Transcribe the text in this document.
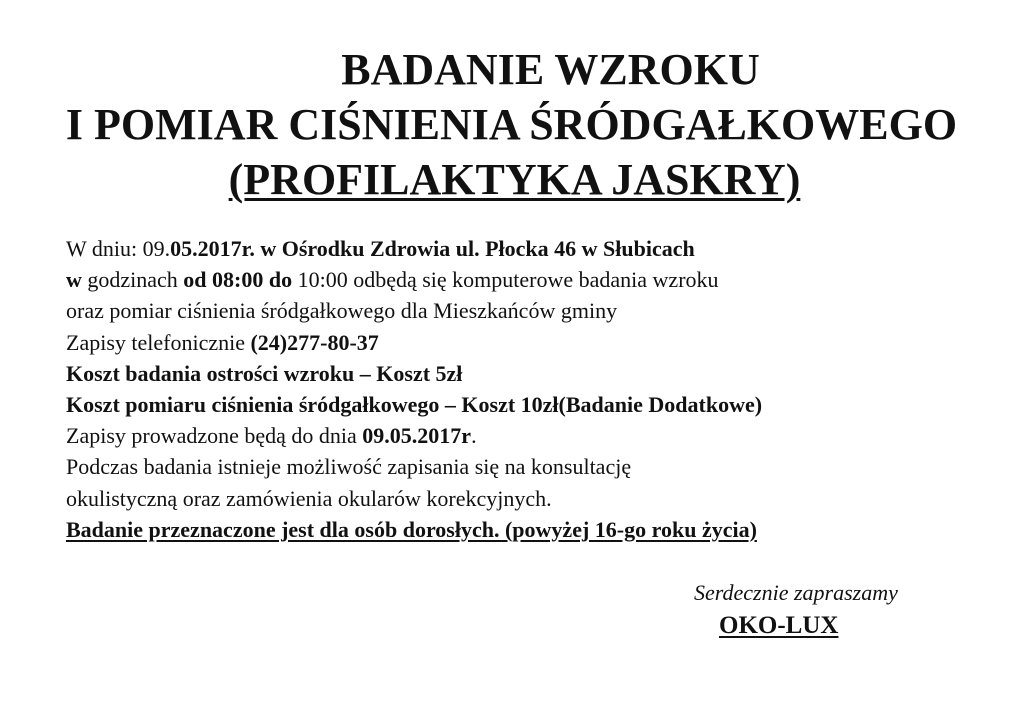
BADANIE WZROKU
I POMIAR CIŚNIENIA ŚRÓDGAŁKOWEGO
(PROFILAKTYKA JASKRY)
W dniu: 09.05.2017r. w Ośrodku Zdrowia ul. Płocka 46 w Słubicach
w godzinach od 08:00 do 10:00 odbędą się komputerowe badania wzroku
oraz pomiar ciśnienia śródgałkowego dla Mieszkańców gminy
Zapisy telefonicznie (24)277-80-37
Koszt badania ostrości wzroku – Koszt 5zł
Koszt pomiaru ciśnienia śródgałkowego – Koszt 10zł(Badanie Dodatkowe)
Zapisy prowadzone będą do dnia 09.05.2017r.
Podczas badania istnieje możliwość zapisania się na konsultację
okulistyczną oraz zamówienia okularów korekcyjnych.
Badanie przeznaczone jest dla osób dorosłych. (powyżej 16-go roku życia)
Serdecznie zapraszamy
OKO-LUX
